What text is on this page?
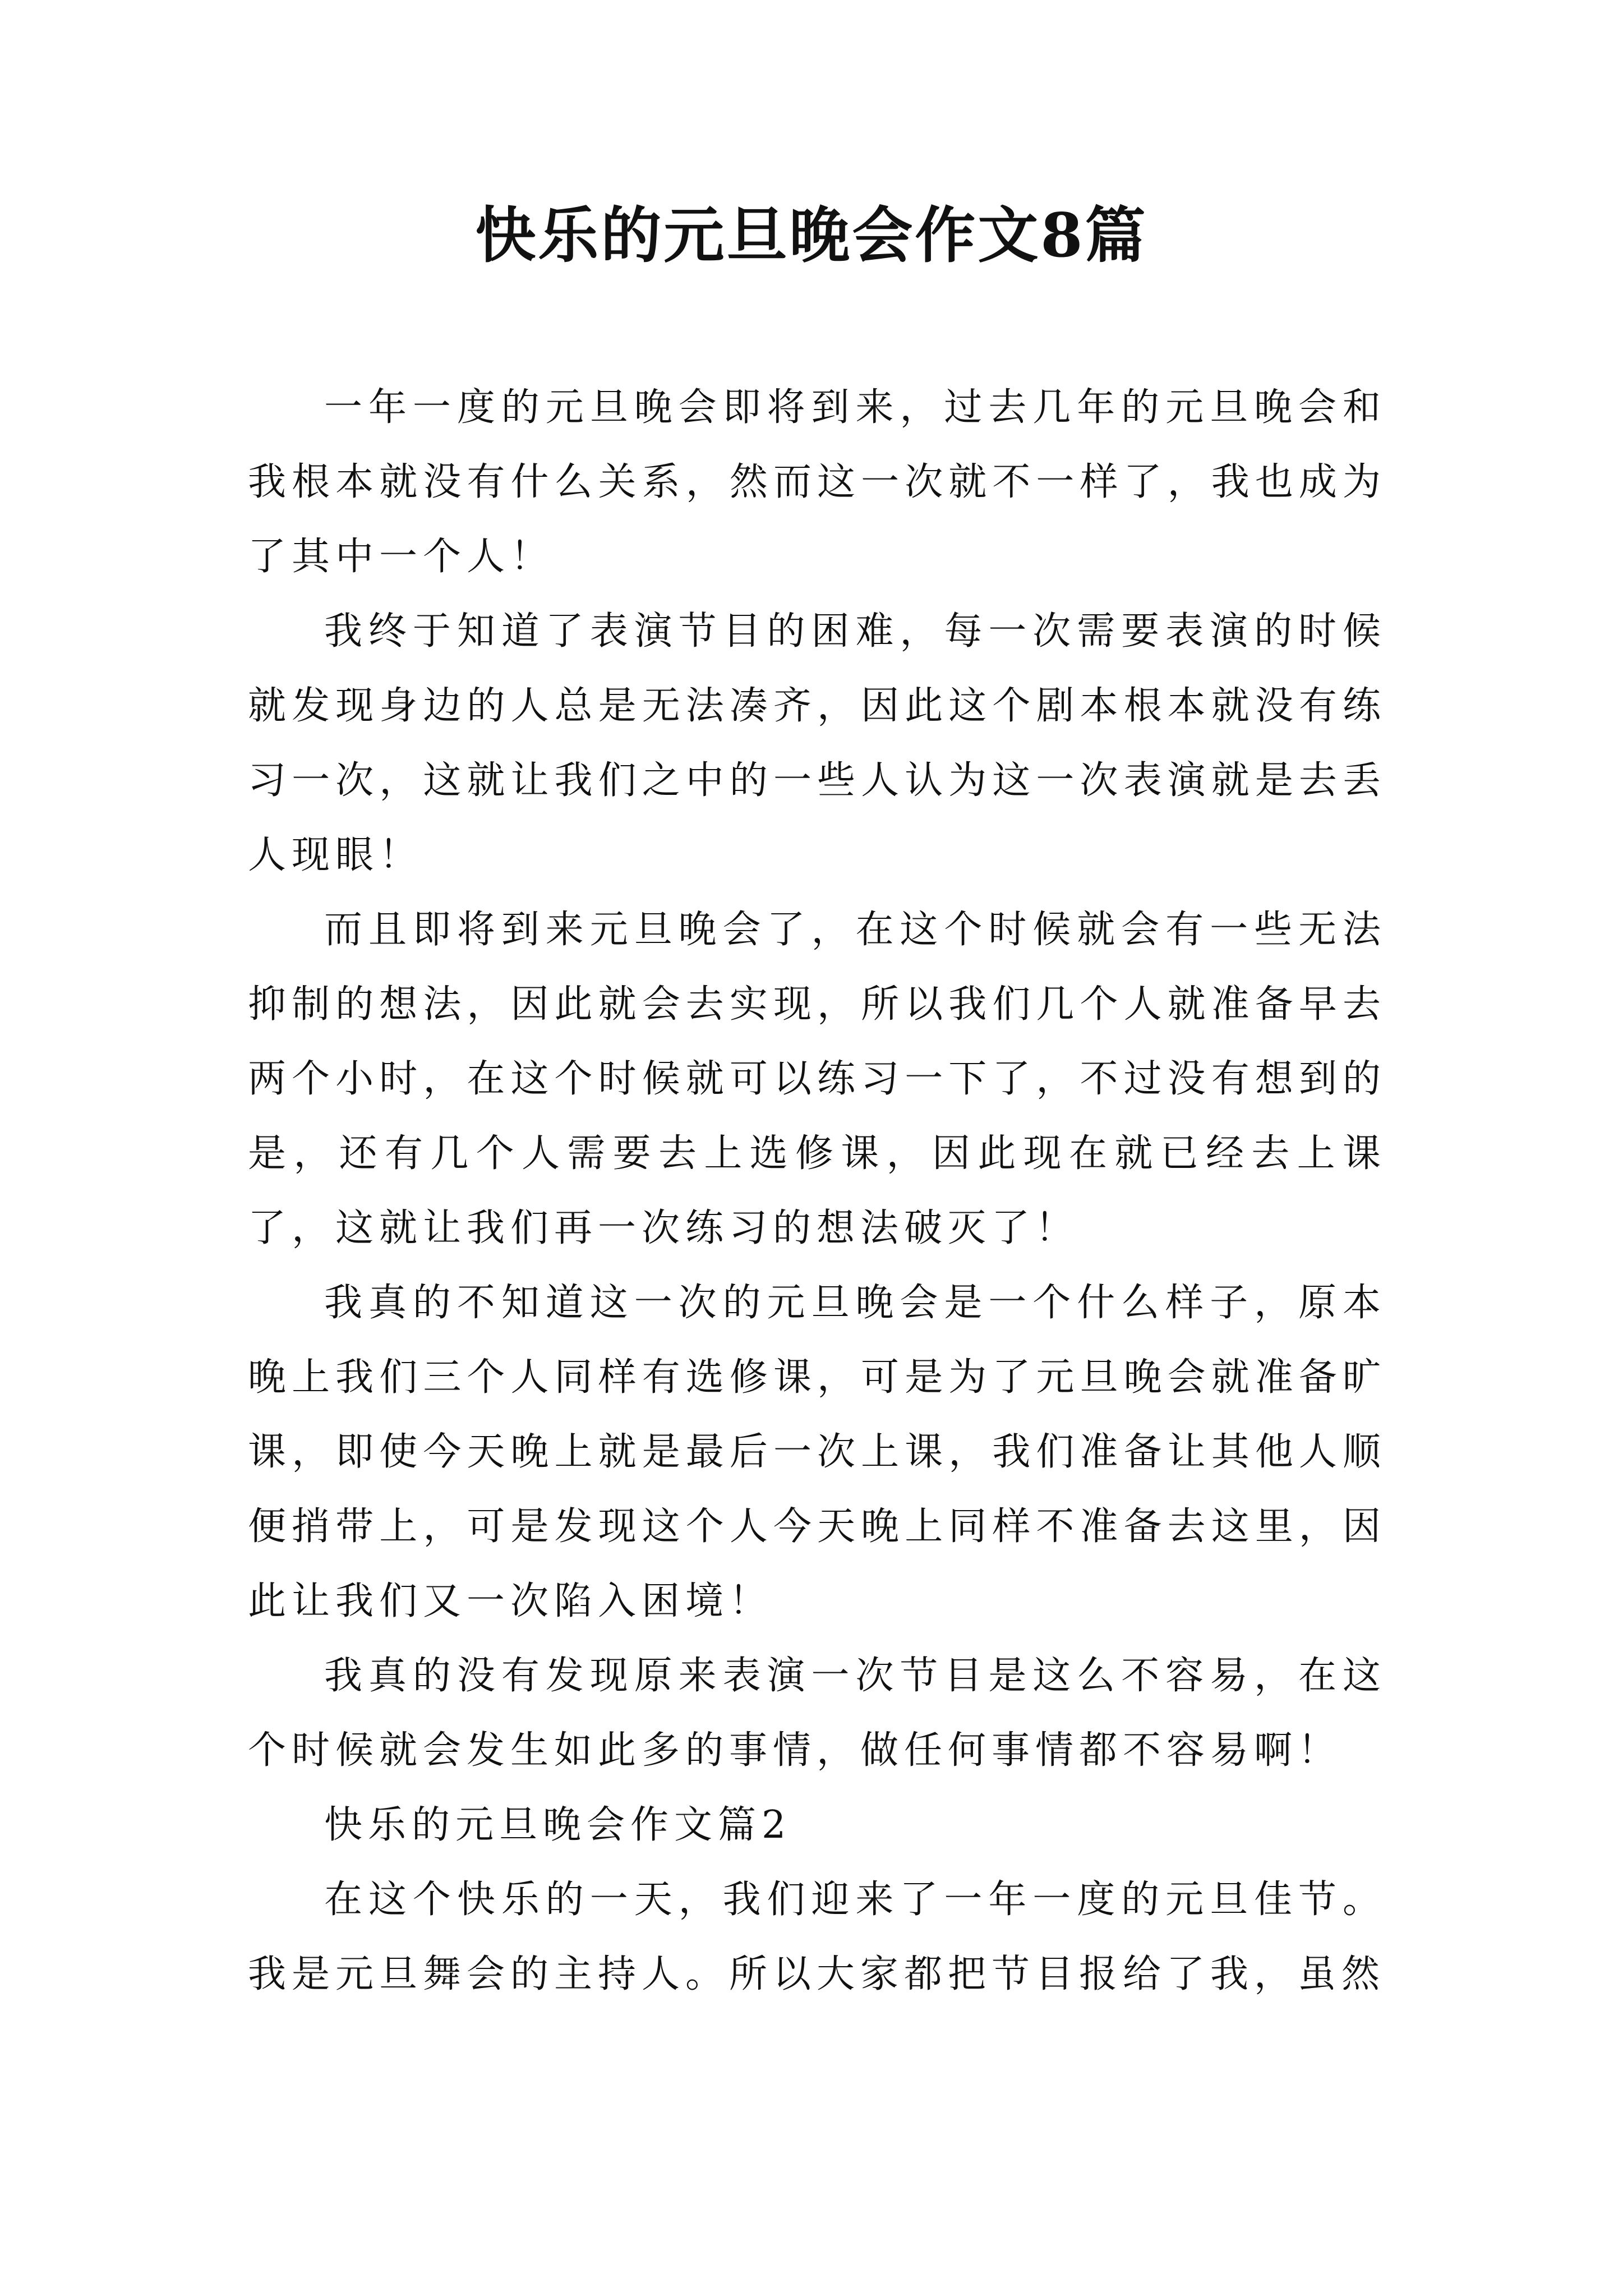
快乐的元旦晚会作文8篇

一年一度的元旦晚会即将到来，过去几年的元旦晚会和我根本就没有什么关系，然而这一次就不一样了，我也成为了其中一个人！

我终于知道了表演节目的困难，每一次需要表演的时候就发现身边的人总是无法凑齐，因此这个剧本根本就没有练习一次，这就让我们之中的一些人认为这一次表演就是去丢人现眼！

而且即将到来元旦晚会了，在这个时候就会有一些无法抑制的想法，因此就会去实现，所以我们几个人就准备早去两个小时，在这个时候就可以练习一下了，不过没有想到的是，还有几个人需要去上选修课，因此现在就已经去上课了，这就让我们再一次练习的想法破灭了！

我真的不知道这一次的元旦晚会是一个什么样子，原本晚上我们三个人同样有选修课，可是为了元旦晚会就准备旷课，即使今天晚上就是最后一次上课，我们准备让其他人顺便捎带上，可是发现这个人今天晚上同样不准备去这里，因此让我们又一次陷入困境！

我真的没有发现原来表演一次节目是这么不容易，在这个时候就会发生如此多的事情，做任何事情都不容易啊！

快乐的元旦晚会作文篇2

在这个快乐的一天，我们迎来了一年一度的元旦佳节。我是元旦舞会的主持人。所以大家都把节目报给了我，虽然
